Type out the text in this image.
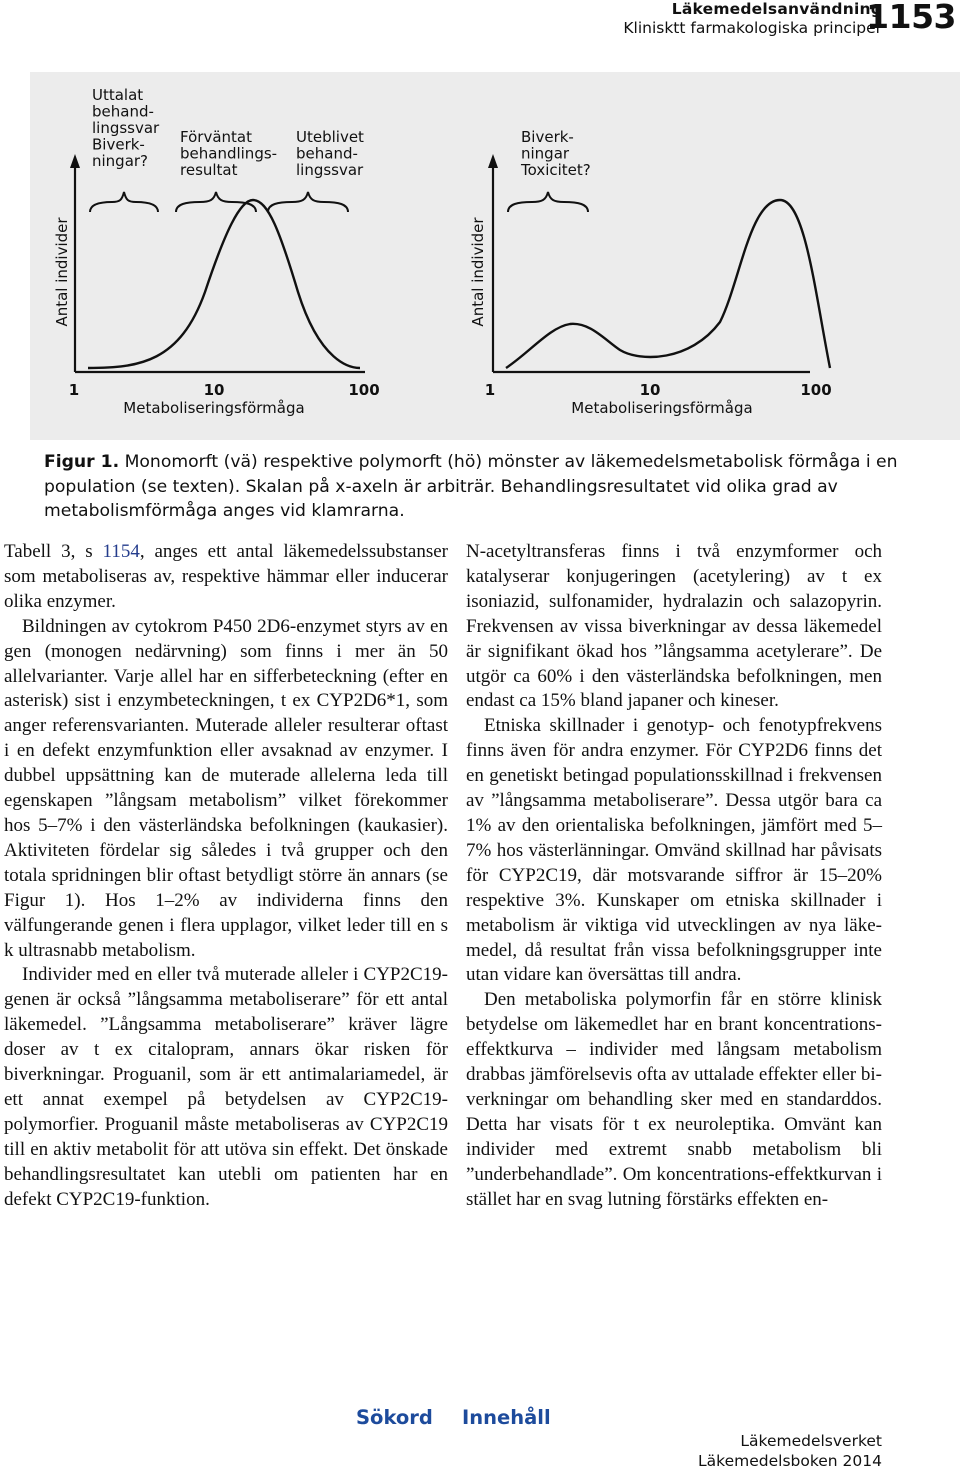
Läkemedelsanvändning
Klinisktt farmakologiska principer
1153
Uttalat behand-lingssvar Biverk-ningar?
Förväntat behandlings-resultat
Uteblivet behand-lingssvar
Antal individer
1	10	100
Metaboliseringsförmåga
Biverk-ningar Toxicitet?
Antal individer
1	10	100
Metaboliseringsförmåga
Figur 1. Monomorft (vä) respektive polymorft (hö) mönster av läkemedelsmetabolisk förmåga i en population (se texten). Skalan på x-axeln är arbiträr. Behandlingsresultatet vid olika grad av metabolismförmåga anges vid klamrarna.

Tabell 3, s 1154, anges ett antal läkemedelssubstanser som metaboliseras av, respektive hämmar eller inducerar olika enzymer.

Bildningen av cytokrom P450 2D6-enzymet styrs av en gen (monogen nedärvning) som finns i mer än 50 allelvarianter. Varje allel har en sifferbeteckning (efter en asterisk) sist i enzymbeteckningen, t ex CYP2D6*1, som anger referensvarianten. Muterade alleler resulterar oftast i en defekt enzymfunktion eller avsaknad av enzymer. I dubbel uppsättning kan de muterade allelerna leda till egenskapen ”långsam metabolism” vilket förekommer hos 5–7% i den västerländska befolkningen (kaukasier). Aktiviteten fördelar sig således i två grupper och den totala spridningen blir oftast betydligt större än annars (se Figur 1). Hos 1–2% av individerna finns den välfungerande genen i flera upplagor, vilket leder till en s k ultrasnabb metabolism.

Individer med en eller två muterade alleler i CYP2C19-genen är också ”långsamma metaboliserare” för ett antal läkemedel. ”Långsamma metaboliserare” kräver lägre doser av t ex citalopram, annars ökar risken för biverkningar. Proguanil, som är ett antimalariamedel, är ett annat exempel på betydelsen av CYP2C19-polymorfier. Proguanil måste metaboliseras av CYP2C19 till en aktiv metabolit för att utöva sin effekt. Det önskade behandlingsresultatet kan utebli om patienten har en defekt CYP2C19-funktion.

N-acetyltransferas finns i två enzymformer och katalyserar konjugeringen (acetylering) av t ex isoniazid, sulfonamider, hydralazin och salazopyrin. Frekvensen av vissa biverkningar av dessa läkemedel är signifikant ökad hos ”långsamma acetylerare”. De utgör ca 60% i den västerländska befolkningen, men endast ca 15% bland japaner och kineser.

Etniska skillnader i genotyp- och fenotypfrekvens finns även för andra enzymer. För CYP2D6 finns det en genetiskt betingad populationsskillnad i frekvensen av ”långsamma metaboliserare”. Dessa utgör bara ca 1% av den orientaliska befolkningen, jämfört med 5–7% hos västerlänningar. Omvänd skillnad har påvisats för CYP2C19, där motsvarande siffror är 15–20% respektive 3%. Kunskaper om etniska skillnader i metabolism är viktiga vid utvecklingen av nya läkemedel, då resultat från vissa befolkningsgrupper inte utan vidare kan översättas till andra.

Den metaboliska polymorfin får en större klinisk betydelse om läkemedlet har en brant koncentrations-effektkurva – individer med långsam metabolism drabbas jämförelsevis ofta av uttalade effekter eller biverkningar om behandling sker med en standarddos. Detta har visats för t ex neuroleptika. Omvänt kan individer med extremt snabb metabolism bli ”underbehandlade”. Om koncentrations-effektkurvan i stället har en svag lutning förstärks effekten en-

Sökord Innehåll
Läkemedelsverket
Läkemedelsboken 2014
